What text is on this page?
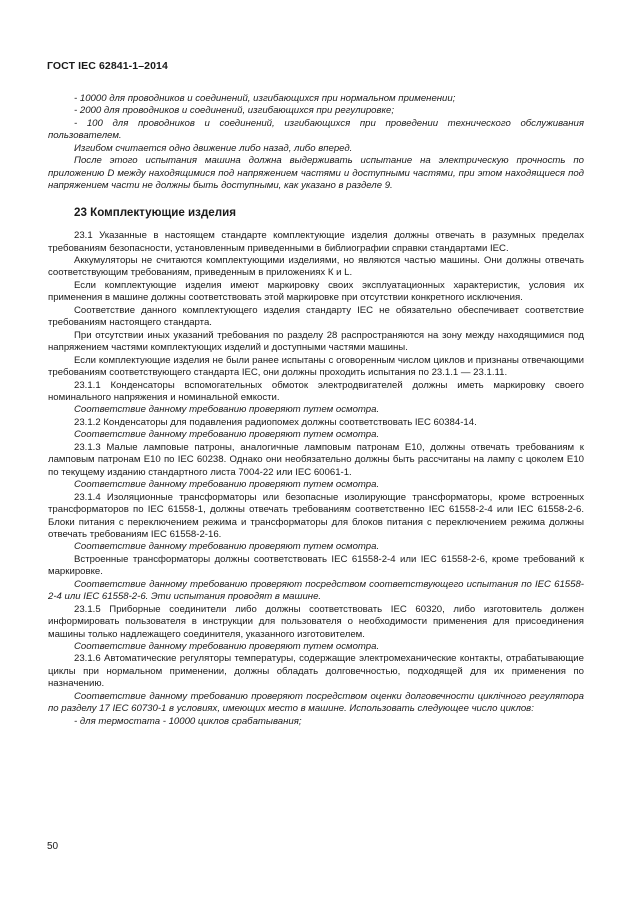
ГОСТ IEC 62841-1–2014

- 10000 для проводников и соединений, изгибающихся при нормальном применении;

- 2000 для проводников и соединений, изгибающихся при регулировке;

- 100 для проводников и соединений, изгибающихся при проведении технического обслуживания пользователем.

Изгибом считается одно движение либо назад, либо вперед.

После этого испытания машина должна выдерживать испытание на электрическую прочность по приложению D между находящимися под напряжением частями и доступными частями, при этом находящиеся под напряжением части не должны быть доступными, как указано в разделе 9.

23 Комплектующие изделия

23.1 Указанные в настоящем стандарте комплектующие изделия должны отвечать в разумных пределах требованиям безопасности, установленным приведенными в библиографии справки стандартами IEC.

Аккумуляторы не считаются комплектующими изделиями, но являются частью машины. Они должны отвечать соответствующим требованиям, приведенным в приложениях К и L.

Если комплектующие изделия имеют маркировку своих эксплуатационных характеристик, условия их применения в машине должны соответствовать этой маркировке при отсутствии конкретного исключения.

Соответствие данного комплектующего изделия стандарту IEC не обязательно обеспечивает соответствие требованиям настоящего стандарта.

При отсутствии иных указаний требования по разделу 28 распространяются на зону между находящимися под напряжением частями комплектующих изделий и доступными частями машины.

Если комплектующие изделия не были ранее испытаны с оговоренным числом циклов и признаны отвечающими требованиям соответствующего стандарта IEC, они должны проходить испытания по 23.1.1 — 23.1.11.

23.1.1 Конденсаторы вспомогательных обмоток электродвигателей должны иметь маркировку своего номинального напряжения и номинальной емкости.

Соответствие данному требованию проверяют путем осмотра.

23.1.2 Конденсаторы для подавления радиопомех должны соответствовать IEC 60384-14.

Соответствие данному требованию проверяют путем осмотра.

23.1.3 Малые ламповые патроны, аналогичные ламповым патронам Е10, должны отвечать требованиям к ламповым патронам Е10 по IEC 60238. Однако они необязательно должны быть рассчитаны на лампу с цоколем Е10 по текущему изданию стандартного листа 7004-22 или IEC 60061-1.

Соответствие данному требованию проверяют путем осмотра.

23.1.4 Изоляционные трансформаторы или безопасные изолирующие трансформаторы, кроме встроенных трансформаторов по IEC 61558-1, должны отвечать требованиям соответственно IEC 61558-2-4 или IEC 61558-2-6. Блоки питания с переключением режима и трансформаторы для блоков питания с переключением режима должны отвечать требованиям IEC 61558-2-16.

Соответствие данному требованию проверяют путем осмотра.

Встроенные трансформаторы должны соответствовать IEC 61558-2-4 или IEC 61558-2-6, кроме требований к маркировке.

Соответствие данному требованию проверяют посредством соответствующего испытания по IEC 61558-2-4 или IEC 61558-2-6. Эти испытания проводят в машине.

23.1.5 Приборные соединители либо должны соответствовать IEC 60320, либо изготовитель должен информировать пользователя в инструкции для пользователя о необходимости применения для присоединения машины только надлежащего соединителя, указанного изготовителем.

Соответствие данному требованию проверяют путем осмотра.

23.1.6 Автоматические регуляторы температуры, содержащие электромеханические контакты, отрабатывающие циклы при нормальном применении, должны обладать долговечностью, подходящей для их применения по назначению.

Соответствие данному требованию проверяют посредством оценки долговечности циклічного регулятора по разделу 17 IEC 60730-1 в условиях, имеющих место в машине. Использовать следующее число циклов:

- для термостата - 10000 циклов срабатывания;

50
